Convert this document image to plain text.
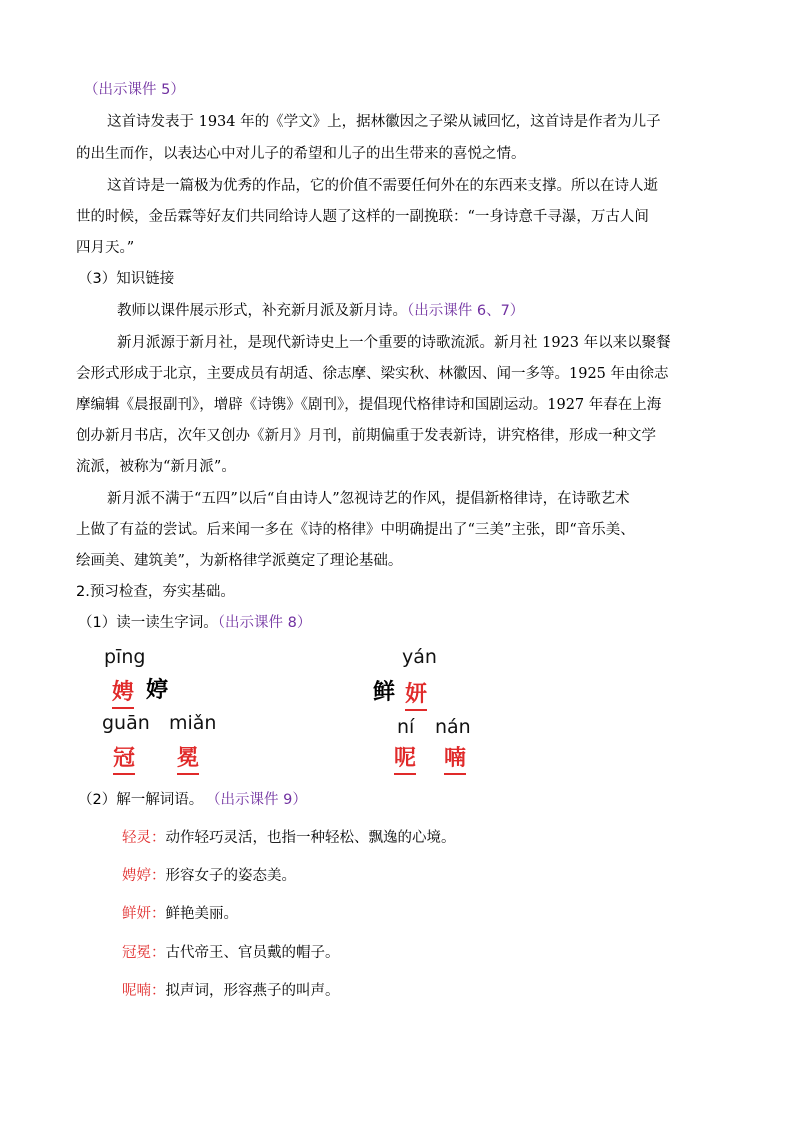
（出示课件 5）
这首诗发表于 1934 年的《学文》上，据林徽因之子梁从诫回忆，这首诗是作者为儿子
的出生而作，以表达心中对儿子的希望和儿子的出生带来的喜悦之情。
这首诗是一篇极为优秀的作品，它的价值不需要任何外在的东西来支撑。所以在诗人逝
世的时候，金岳霖等好友们共同给诗人题了这样的一副挽联：“一身诗意千寻瀑，万古人间
四月天。”
（3）知识链接
教师以课件展示形式，补充新月派及新月诗。（出示课件 6、7）
新月派源于新月社，是现代新诗史上一个重要的诗歌流派。新月社 1923 年以来以聚餐
会形式形成于北京，主要成员有胡适、徐志摩、梁实秋、林徽因、闻一多等。1925 年由徐志
摩编辑《晨报副刊》，增辟《诗镌》《剧刊》，提倡现代格律诗和国剧运动。1927 年春在上海
创办新月书店，次年又创办《新月》月刊，前期偏重于发表新诗，讲究格律，形成一种文学
流派，被称为“新月派”。
新月派不满于“五四”以后“自由诗人”忽视诗艺的作风，提倡新格律诗，在诗歌艺术
上做了有益的尝试。后来闻一多在《诗的格律》中明确提出了“三美”主张，即“音乐美、
绘画美、建筑美”，为新格律学派奠定了理论基础。
2.预习检查，夯实基础。
（1）读一读生字词。（出示课件 8）
pīng
娉 婷
yán
鲜 妍
guān miǎn
冠 冕
ní nán
呢 喃
（2）解一解词语。 （出示课件 9）
轻灵：动作轻巧灵活，也指一种轻松、飘逸的心境。
娉婷：形容女子的姿态美。
鲜妍：鲜艳美丽。
冠冕：古代帝王、官员戴的帽子。
呢喃：拟声词，形容燕子的叫声。
